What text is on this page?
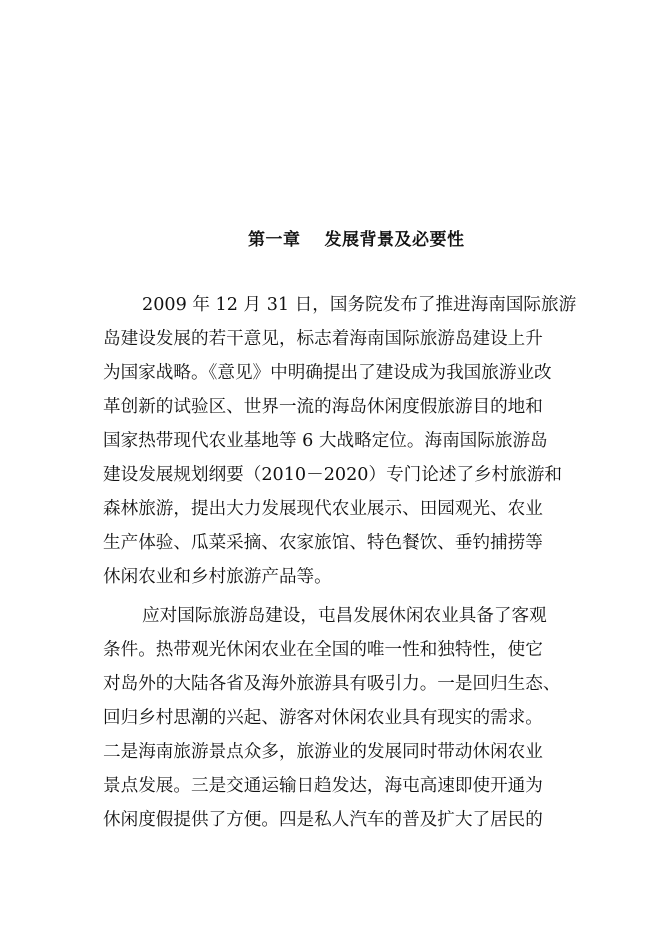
第一章 发展背景及必要性

2009 年 12 月 31 日，国务院发布了推进海南国际旅游

岛建设发展的若干意见，标志着海南国际旅游岛建设上升

为国家战略。《意见》中明确提出了建设成为我国旅游业改

革创新的试验区、世界一流的海岛休闲度假旅游目的地和

国家热带现代农业基地等 6 大战略定位。海南国际旅游岛

建设发展规划纲要（2010－2020）专门论述了乡村旅游和

森林旅游，提出大力发展现代农业展示、田园观光、农业

生产体验、瓜菜采摘、农家旅馆、特色餐饮、垂钓捕捞等

休闲农业和乡村旅游产品等。

应对国际旅游岛建设，屯昌发展休闲农业具备了客观

条件。热带观光休闲农业在全国的唯一性和独特性，使它

对岛外的大陆各省及海外旅游具有吸引力。一是回归生态、

回归乡村思潮的兴起、游客对休闲农业具有现实的需求。

二是海南旅游景点众多，旅游业的发展同时带动休闲农业

景点发展。三是交通运输日趋发达，海屯高速即使开通为

休闲度假提供了方便。四是私人汽车的普及扩大了居民的
